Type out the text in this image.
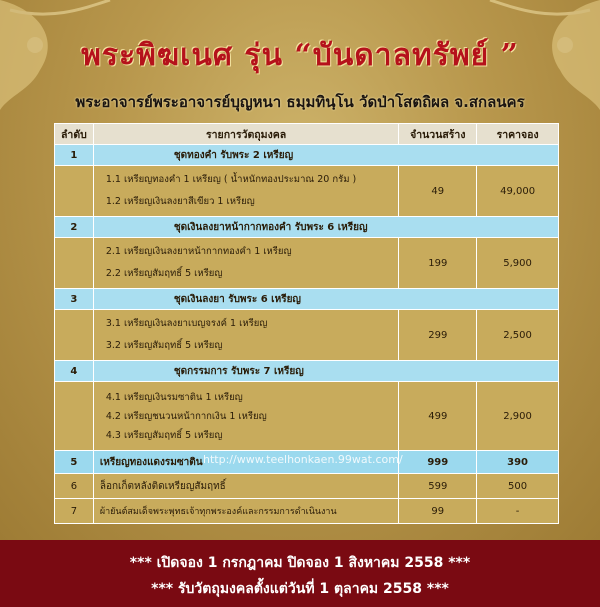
พระพิฆเนศ รุ่น “บันดาลทรัพย์ ”
พระอาจารย์พระอาจารย์บุญหนา ธมฺมทินฺโน วัดป่าโสตถิผล จ.สกลนคร
ลำดับ	รายการวัตถุมงคล	จำนวนสร้าง	ราคาจอง
1	ชุดทองคำ รับพระ 2 เหรียญ		

	1.1 เหรียญทองคำ 1 เหรียญ ( น้ำหนักทองประมาณ 20 กรัม )
1.2 เหรียญเงินลงยาสีเขียว 1 เหรียญ	49	49,000
2	ชุดเงินลงยาหน้ากากทองคำ รับพระ 6 เหรียญ		

	2.1 เหรียญเงินลงยาหน้ากากทองคำ 1 เหรียญ
2.2 เหรียญสัมฤทธิ์ 5 เหรียญ	199	5,900
3	ชุดเงินลงยา รับพระ 6 เหรียญ		

	3.1 เหรียญเงินลงยาเบญจรงค์ 1 เหรียญ
3.2 เหรียญสัมฤทธิ์ 5 เหรียญ	299	2,500
4	ชุดกรรมการ รับพระ 7 เหรียญ		

	4.1 เหรียญเงินรมซาติน 1 เหรียญ
4.2 เหรียญชนวนหน้ากากเงิน 1 เหรียญ
4.3 เหรียญสัมฤทธิ์ 5 เหรียญ	499	2,900
5	เหรียญทองแดงรมซาติน	999	390
6	ล็อกเก็ตหลังติดเหรียญสัมฤทธิ์	599	500
7	ผ้ายันต์สมเด็จพระพุทธเจ้าทุกพระองค์และกรรมการดำเนินงาน	99	-
http://www.teelhonkaen.99wat.com/
*** เปิดจอง 1 กรกฎาคม ปิดจอง 1 สิงหาคม 2558 ***
*** รับวัตถุมงคลตั้งแต่วันที่ 1 ตุลาคม 2558 ***
